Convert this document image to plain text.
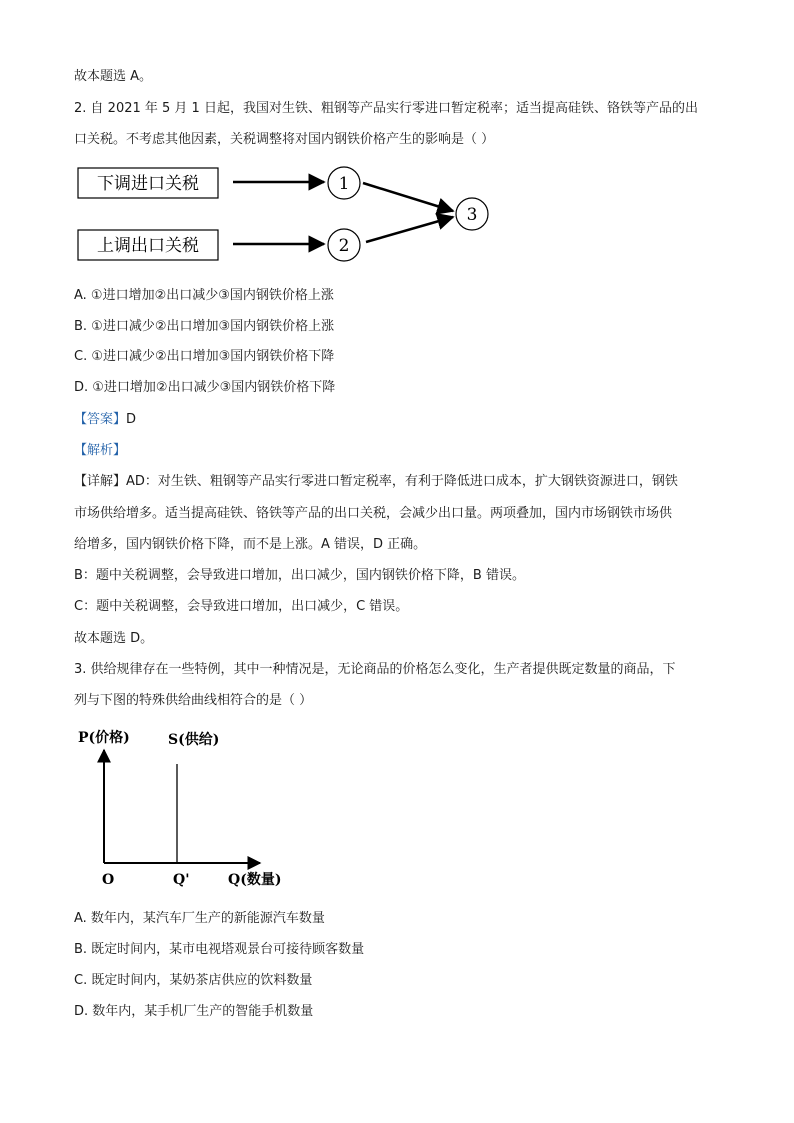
故本题选 A。
2. 自 2021 年 5 月 1 日起，我国对生铁、粗钢等产品实行零进口暂定税率；适当提高硅铁、铬铁等产品的出
口关税。不考虑其他因素，关税调整将对国内钢铁价格产生的影响是（ ）
下调进口关税
上调出口关税
1
2
3
A. ①进口增加②出口减少③国内钢铁价格上涨
B. ①进口减少②出口增加③国内钢铁价格上涨
C. ①进口减少②出口增加③国内钢铁价格下降
D. ①进口增加②出口减少③国内钢铁价格下降
【答案】D
【解析】
【详解】AD：对生铁、粗钢等产品实行零进口暂定税率，有利于降低进口成本，扩大钢铁资源进口，钢铁
市场供给增多。适当提高硅铁、铬铁等产品的出口关税，会减少出口量。两项叠加，国内市场钢铁市场供
给增多，国内钢铁价格下降，而不是上涨。A 错误，D 正确。
B：题中关税调整，会导致进口增加，出口减少，国内钢铁价格下降，B 错误。
C：题中关税调整，会导致进口增加，出口减少，C 错误。
故本题选 D。
3. 供给规律存在一些特例，其中一种情况是，无论商品的价格怎么变化，生产者提供既定数量的商品，下
列与下图的特殊供给曲线相符合的是（ ）
P(价格)	S(供给)
O	Q'	Q(数量)
A. 数年内，某汽车厂生产的新能源汽车数量
B. 既定时间内，某市电视塔观景台可接待顾客数量
C. 既定时间内，某奶茶店供应的饮料数量
D. 数年内，某手机厂生产的智能手机数量
